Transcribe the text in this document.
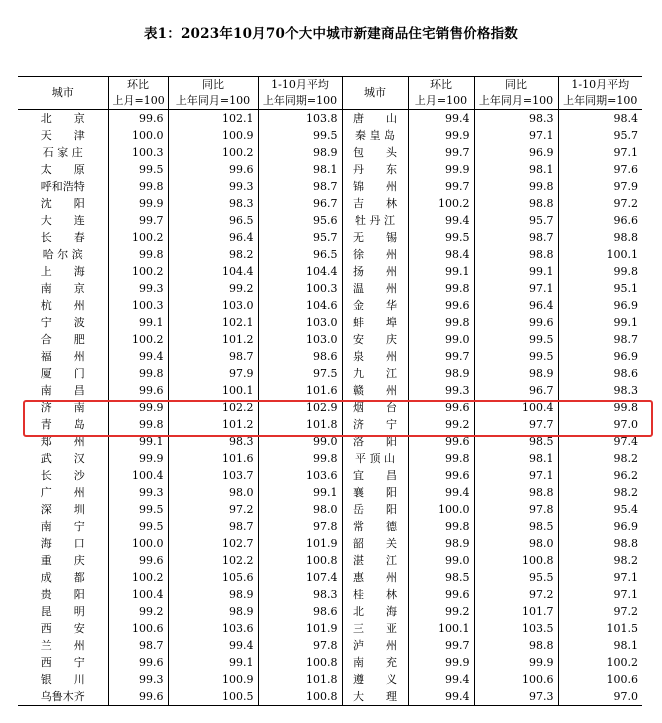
表1：2023年10月70个大中城市新建商品住宅销售价格指数
城市	环比	同比	1-10月平均	城市	环比	同比	1-10月平均
	上月=100	上年同月=100	上年同期=100		上月=100	上年同月=100	上年同期=100
北　　京	99.6	102.1	103.8	唐　　山	99.4	98.3	98.4
天　　津	100.0	100.9	99.5	秦 皇 岛	99.9	97.1	95.7
石 家 庄	100.3	100.2	98.9	包　　头	99.7	96.9	97.1
太　　原	99.5	99.6	98.1	丹　　东	99.9	98.1	97.6
呼和浩特	99.8	99.3	98.7	锦　　州	99.7	99.8	97.9
沈　　阳	99.9	98.3	96.7	吉　　林	100.2	98.8	97.2
大　　连	99.7	96.5	95.6	牡 丹 江	99.4	95.7	96.6
长　　春	100.2	96.4	95.7	无　　锡	99.5	98.7	98.8
哈 尔 滨	99.8	98.2	96.5	徐　　州	98.4	98.8	100.1
上　　海	100.2	104.4	104.4	扬　　州	99.1	99.1	99.8
南　　京	99.3	99.2	100.3	温　　州	99.8	97.1	95.1
杭　　州	100.3	103.0	104.6	金　　华	99.6	96.4	96.9
宁　　波	99.1	102.1	103.0	蚌　　埠	99.8	99.6	99.1
合　　肥	100.2	101.2	103.0	安　　庆	99.0	99.5	98.7
福　　州	99.4	98.7	98.6	泉　　州	99.7	99.5	96.9
厦　　门	99.8	97.9	97.5	九　　江	98.9	98.9	98.6
南　　昌	99.6	100.1	101.6	赣　　州	99.3	96.7	98.3
济　　南	99.9	102.2	102.9	烟　　台	99.6	100.4	99.8
青　　岛	99.8	101.2	101.8	济　　宁	99.2	97.7	97.0
郑　　州	99.1	98.3	99.0	洛　　阳	99.6	98.5	97.4
武　　汉	99.9	101.6	99.8	平 顶 山	99.8	98.1	98.2
长　　沙	100.4	103.7	103.6	宜　　昌	99.6	97.1	96.2
广　　州	99.3	98.0	99.1	襄　　阳	99.4	98.8	98.2
深　　圳	99.5	97.2	98.0	岳　　阳	100.0	97.8	95.4
南　　宁	99.5	98.7	97.8	常　　德	99.8	98.5	96.9
海　　口	100.0	102.7	101.9	韶　　关	98.9	98.0	98.8
重　　庆	99.6	102.2	100.8	湛　　江	99.0	100.8	98.2
成　　都	100.2	105.6	107.4	惠　　州	98.5	95.5	97.1
贵　　阳	100.4	98.9	98.3	桂　　林	99.6	97.2	97.1
昆　　明	99.2	98.9	98.6	北　　海	99.2	101.7	97.2
西　　安	100.6	103.6	101.9	三　　亚	100.1	103.5	101.5
兰　　州	98.7	99.4	97.8	泸　　州	99.7	98.8	98.1
西　　宁	99.6	99.1	100.8	南　　充	99.9	99.9	100.2
银　　川	99.3	100.9	101.8	遵　　义	99.4	100.6	100.6
乌鲁木齐	99.6	100.5	100.8	大　　理	99.4	97.3	97.0
